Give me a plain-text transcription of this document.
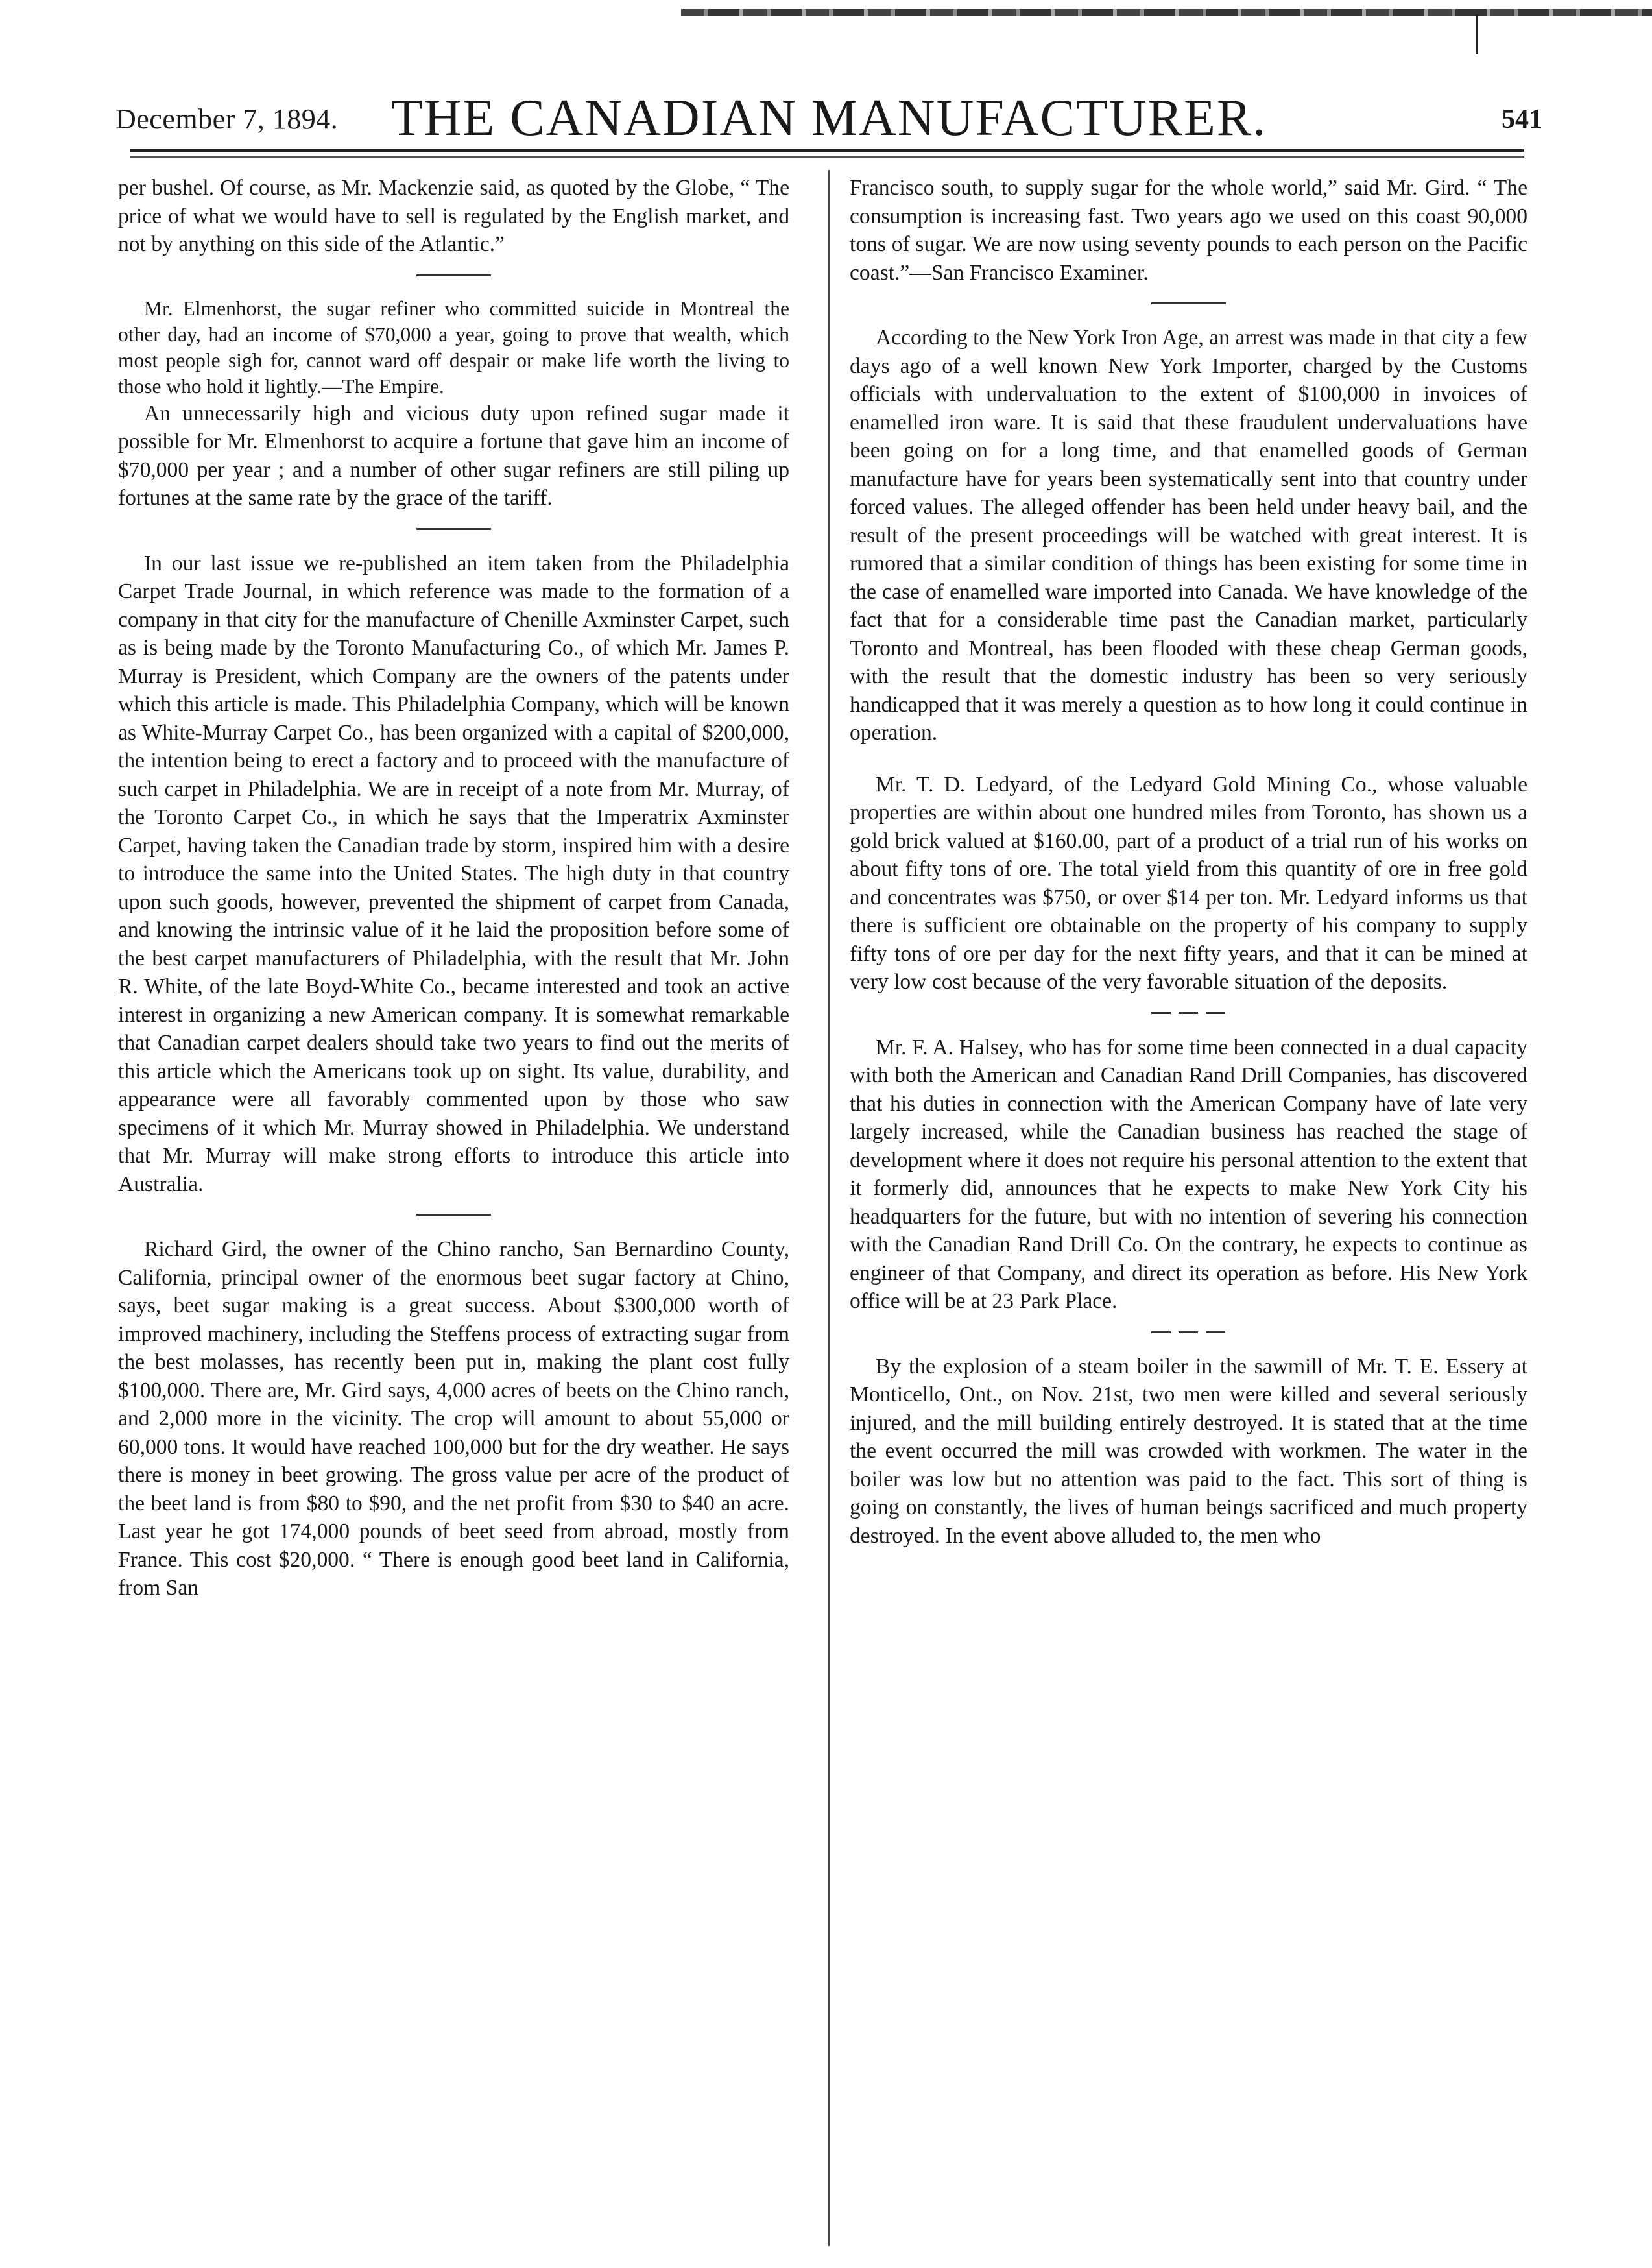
December 7, 1894.	THE CANADIAN MANUFACTURER.	541

per bushel. Of course, as Mr. Mackenzie said, as quoted by the Globe, “ The price of what we would have to sell is regulated by the English market, and not by anything on this side of the Atlantic.”

Mr. Elmenhorst, the sugar refiner who committed suicide in Montreal the other day, had an income of $70,000 a year, going to prove that wealth, which most people sigh for, cannot ward off despair or make life worth the living to those who hold it lightly.—The Empire.

An unnecessarily high and vicious duty upon refined sugar made it possible for Mr. Elmenhorst to acquire a fortune that gave him an income of $70,000 per year ; and a number of other sugar refiners are still piling up fortunes at the same rate by the grace of the tariff.

In our last issue we re-published an item taken from the Philadelphia Carpet Trade Journal, in which reference was made to the formation of a company in that city for the manufacture of Chenille Axminster Carpet, such as is being made by the Toronto Manufacturing Co., of which Mr. James P. Murray is President, which Company are the owners of the patents under which this article is made. This Philadelphia Company, which will be known as White-Murray Carpet Co., has been organized with a capital of $200,000, the intention being to erect a factory and to proceed with the manufacture of such carpet in Philadelphia. We are in receipt of a note from Mr. Murray, of the Toronto Carpet Co., in which he says that the Imperatrix Axminster Carpet, having taken the Canadian trade by storm, inspired him with a desire to introduce the same into the United States. The high duty in that country upon such goods, however, prevented the shipment of carpet from Canada, and knowing the intrinsic value of it he laid the proposition before some of the best carpet manufacturers of Philadelphia, with the result that Mr. John R. White, of the late Boyd-White Co., became interested and took an active interest in organizing a new American company. It is somewhat remarkable that Canadian carpet dealers should take two years to find out the merits of this article which the Americans took up on sight. Its value, durability, and appearance were all favorably commented upon by those who saw specimens of it which Mr. Murray showed in Philadelphia. We understand that Mr. Murray will make strong efforts to introduce this article into Australia.

Richard Gird, the owner of the Chino rancho, San Bernardino County, California, principal owner of the enormous beet sugar factory at Chino, says, beet sugar making is a great success. About $300,000 worth of improved machinery, including the Steffens process of extracting sugar from the best molasses, has recently been put in, making the plant cost fully $100,000. There are, Mr. Gird says, 4,000 acres of beets on the Chino ranch, and 2,000 more in the vicinity. The crop will amount to about 55,000 or 60,000 tons. It would have reached 100,000 but for the dry weather. He says there is money in beet growing. The gross value per acre of the product of the beet land is from $80 to $90, and the net profit from $30 to $40 an acre. Last year he got 174,000 pounds of beet seed from abroad, mostly from France. This cost $20,000. “ There is enough good beet land in California, from San

Francisco south, to supply sugar for the whole world,” said Mr. Gird. “ The consumption is increasing fast. Two years ago we used on this coast 90,000 tons of sugar. We are now using seventy pounds to each person on the Pacific coast.”—San Francisco Examiner.

According to the New York Iron Age, an arrest was made in that city a few days ago of a well known New York Importer, charged by the Customs officials with undervaluation to the extent of $100,000 in invoices of enamelled iron ware. It is said that these fraudulent undervaluations have been going on for a long time, and that enamelled goods of German manufacture have for years been systematically sent into that country under forced values. The alleged offender has been held under heavy bail, and the result of the present proceedings will be watched with great interest. It is rumored that a similar condition of things has been existing for some time in the case of enamelled ware imported into Canada. We have knowledge of the fact that for a considerable time past the Canadian market, particularly Toronto and Montreal, has been flooded with these cheap German goods, with the result that the domestic industry has been so very seriously handicapped that it was merely a question as to how long it could continue in operation.

Mr. T. D. Ledyard, of the Ledyard Gold Mining Co., whose valuable properties are within about one hundred miles from Toronto, has shown us a gold brick valued at $160.00, part of a product of a trial run of his works on about fifty tons of ore. The total yield from this quantity of ore in free gold and concentrates was $750, or over $14 per ton. Mr. Ledyard informs us that there is sufficient ore obtainable on the property of his company to supply fifty tons of ore per day for the next fifty years, and that it can be mined at very low cost because of the very favorable situation of the deposits.

Mr. F. A. Halsey, who has for some time been connected in a dual capacity with both the American and Canadian Rand Drill Companies, has discovered that his duties in connection with the American Company have of late very largely increased, while the Canadian business has reached the stage of development where it does not require his personal attention to the extent that it formerly did, announces that he expects to make New York City his headquarters for the future, but with no intention of severing his connection with the Canadian Rand Drill Co. On the contrary, he expects to continue as engineer of that Company, and direct its operation as before. His New York office will be at 23 Park Place.

By the explosion of a steam boiler in the sawmill of Mr. T. E. Essery at Monticello, Ont., on Nov. 21st, two men were killed and several seriously injured, and the mill building entirely destroyed. It is stated that at the time the event occurred the mill was crowded with workmen. The water in the boiler was low but no attention was paid to the fact. This sort of thing is going on constantly, the lives of human beings sacrificed and much property destroyed. In the event above alluded to, the men who
